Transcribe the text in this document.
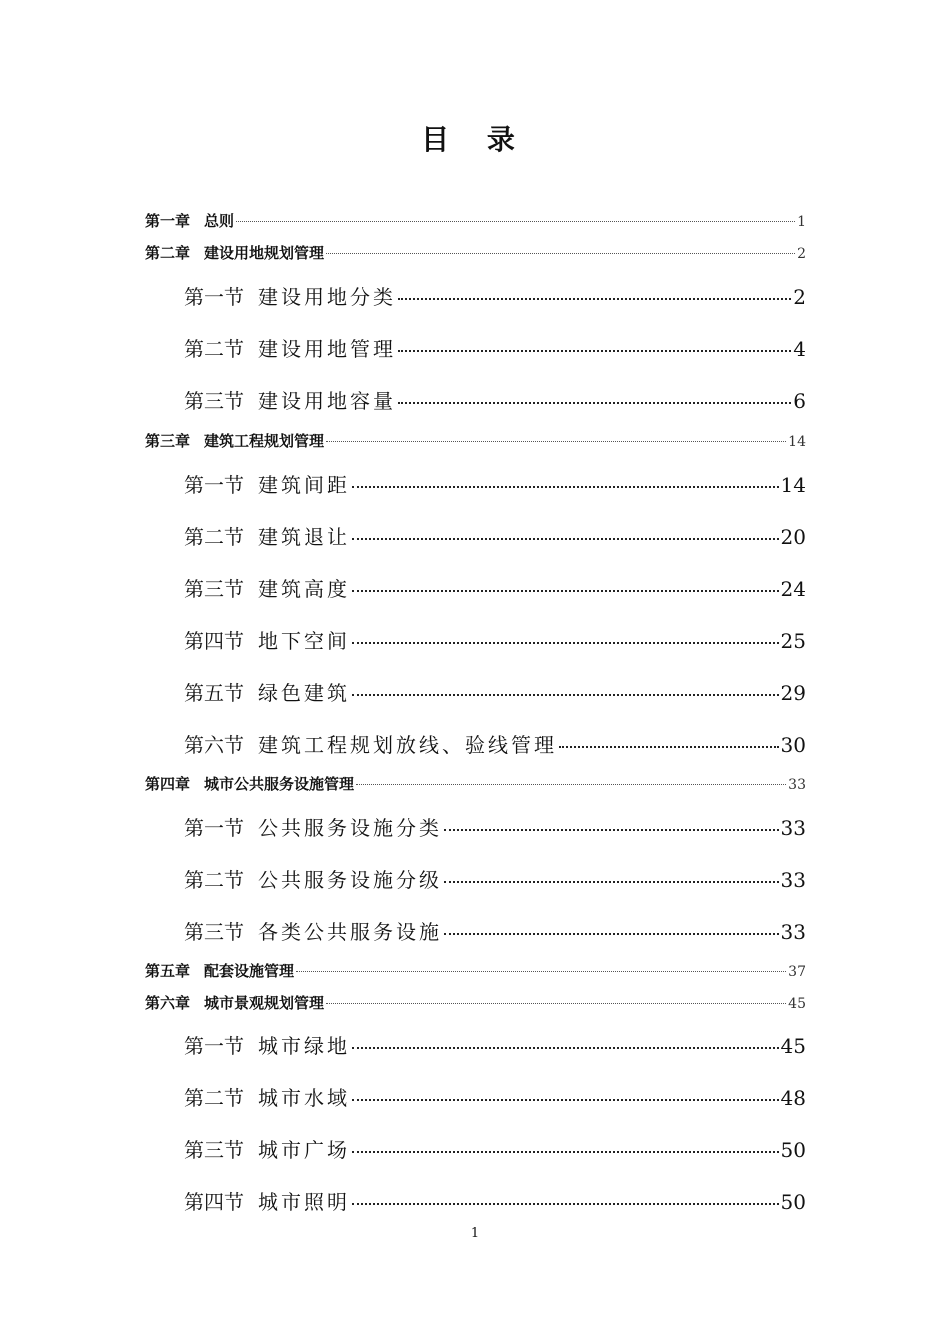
目 录
第一章 总则	1
第二章 建设用地规划管理	2
第一节 建设用地分类	2
第二节 建设用地管理	4
第三节 建设用地容量	6
第三章 建筑工程规划管理	14
第一节 建筑间距	14
第二节 建筑退让	20
第三节 建筑高度	24
第四节 地下空间	25
第五节 绿色建筑	29
第六节 建筑工程规划放线、验线管理	30
第四章 城市公共服务设施管理	33
第一节 公共服务设施分类	33
第二节 公共服务设施分级	33
第三节 各类公共服务设施	33
第五章 配套设施管理	37
第六章 城市景观规划管理	45
第一节 城市绿地	45
第二节 城市水域	48
第三节 城市广场	50
第四节 城市照明	50
1
